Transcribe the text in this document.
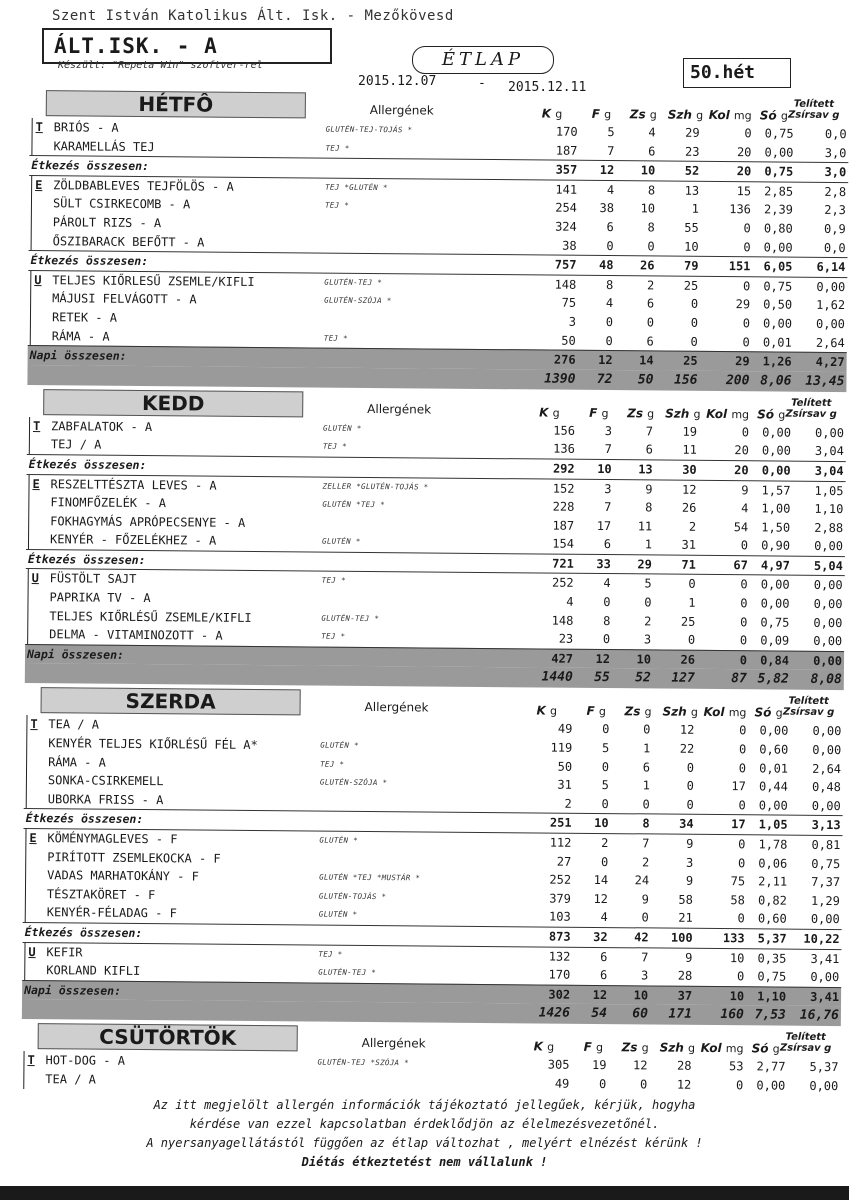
Szent István Katolikus Ált. Isk. - Mezőkövesd
ÁLT.ISK. - A
Készült: "Repeta Win" szoftver-rel	ÉTLAP
50.hét
2015.12.07	- 2015.12.11
HÉTFÔ	Allergének	K g F g Zs g Szh g Kol mg Só g
Telített
Zsírsav g
T BRIÓS - A	GLUTÉN-TEJ-TOJÁS *	170 5	4 29	0 0,75	0,0
KARAMELLÁS TEJ	TEJ *	187 7	6 23	20 0,00	3,0
Étkezés összesen:	357 12 10 52	20 0,75	3,0
E ZÖLDBABLEVES TEJFÖLÖS - A	TEJ *GLUTÉN *	141 4	8 13	15 2,85	2,8
SÜLT CSIRKECOMB - A	TEJ *	254 38 10	1	136 2,39	2,3
PÁROLT RIZS - A	324 6	8 55	0 0,80	0,9
ŐSZIBARACK BEFŐTT - A	38 0	0 10	0 0,00	0,0
Étkezés összesen:	757 48 26 79	151 6,05 6,14
U TELJES KIŐRLESŰ ZSEMLE/KIFLI	GLUTÉN-TEJ *	148 8	2 25	0 0,75 0,00
MÁJUSI FELVÁGOTT - A	GLUTÉN-SZÓJA *	75 4	6	0	29 0,50 1,62
RETEK - A	3 0	0	0	0 0,00 0,00
RÁMA - A	TEJ *	50 0	6	0	0 0,01 2,64
Napi összesen:	276 12 14 25	29 1,26 4,27
1390 72 50 156 200 8,06 13,45
KEDD	Allergének	K g F g Zs g Szh g Kol mg Só g
Telített
Zsírsav g
T ZABFALATOK - A	GLUTÉN *	156 3	7 19	0 0,00 0,00
TEJ / A	TEJ *	136 7	6 11	20 0,00 3,04
Étkezés összesen:	292 10 13 30	20 0,00 3,04
E RESZELTTÉSZTA LEVES - A	ZELLER *GLUTÉN-TOJÁS *	152 3	9 12	9 1,57 1,05
FINOMFŐZELÉK - A	GLUTÉN *TEJ *	228 7	8 26	4 1,00 1,10
FOKHAGYMÁS APRÓPECSENYE - A	187 17 11	2	54 1,50 2,88
KENYÉR - FŐZELÉKHEZ - A	GLUTÉN *	154 6	1 31	0 0,90 0,00
Étkezés összesen:	721 33 29 71	67 4,97 5,04
U FÜSTÖLT SAJT	TEJ *	252 4	5	0	0 0,00 0,00
PAPRIKA TV - A	4 0	0	1	0 0,00 0,00
TELJES KIŐRLÉSŰ ZSEMLE/KIFLI	GLUTÉN-TEJ *	148 8	2 25	0 0,75 0,00
DELMA - VITAMINOZOTT - A	TEJ *	23 0	3	0	0 0,09 0,00
Napi összesen:	427 12 10 26	0 0,84 0,00
1440 55 52 127	87 5,82 8,08
SZERDA	Allergének	K g F g Zs g Szh g Kol mg Só g
Telített
Zsírsav g
T TEA / A	49 0	0 12	0 0,00 0,00
KENYÉR TELJES KIŐRLÉSŰ FÉL A*	GLUTÉN *	119 5	1 22	0 0,60 0,00
RÁMA - A	TEJ *	50 0	6	0	0 0,01 2,64
SONKA-CSIRKEMELL	GLUTÉN-SZÓJA *	31 5	1	0	17 0,44 0,48
UBORKA FRISS - A	2 0	0	0	0 0,00 0,00
Étkezés összesen:	251 10	8 34	17 1,05 3,13
E KÖMÉNYMAGLEVES - F	GLUTÉN *	112 2	7	9	0 1,78 0,81
PIRÍTOTT ZSEMLEKOCKA - F	27 0	2	3	0 0,06 0,75
VADAS MARHATOKÁNY - F	GLUTÉN *TEJ *MUSTÁR *	252 14 24	9	75 2,11 7,37
TÉSZTAKÖRET - F	GLUTÉN-TOJÁS *	379 12	9 58	58 0,82 1,29
KENYÉR-FÉLADAG - F	GLUTÉN *	103 4	0 21	0 0,60 0,00
Étkezés összesen:	873 32 42 100	133 5,37 10,22
U KEFIR	TEJ *	132 6	7	9	10 0,35 3,41
KORLAND KIFLI	GLUTÉN-TEJ *	170 6	3 28	0 0,75 0,00
Napi összesen:	302 12 10 37	10 1,10 3,41
1426 54 60 171 160 7,53 16,76
CSÜTÖRTÖK	Allergének	K g F g Zs g Szh g Kol mg Só g
Telített
Zsírsav g
T HOT-DOG - A	GLUTÉN-TEJ *SZÓJA *	305 19 12 28	53 2,77 5,37
TEA / A	49 0	0 12	0 0,00 0,00
Az itt megjelölt allergén információk tájékoztató jellegűek, kérjük, hogyha
kérdése van ezzel kapcsolatban érdeklődjön az élelmezésvezetőnél.
A nyersanyagellátástól függően az étlap változhat , melyért elnézést kérünk !
Diétás étkeztetést nem vállalunk !
